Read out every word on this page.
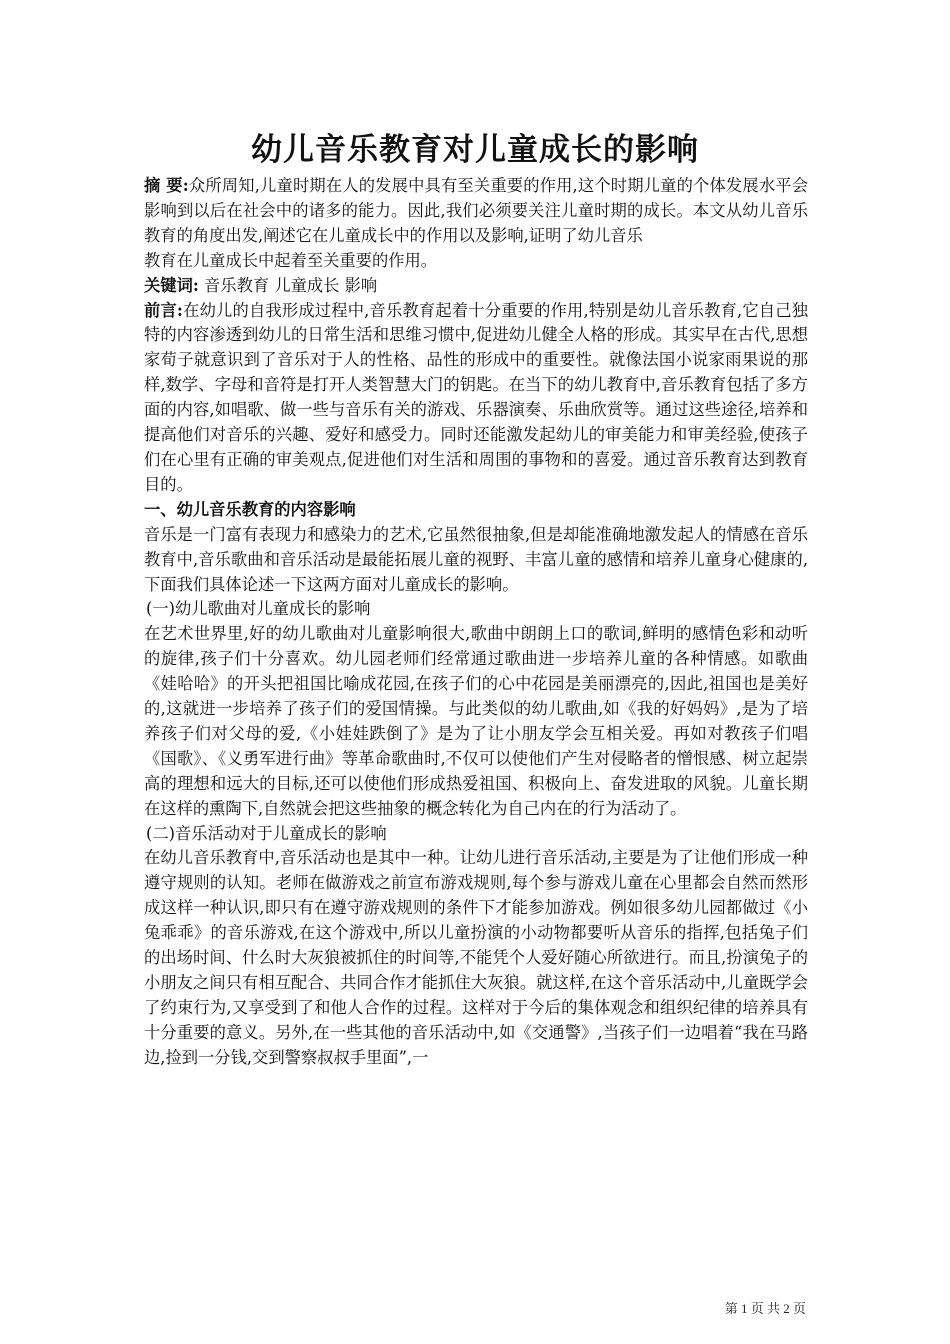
幼儿音乐教育对儿童成长的影响

摘 要:众所周知,儿童时期在人的发展中具有至关重要的作用,这个时期儿童的个体发展水平会影响到以后在社会中的诸多的能力。因此,我们必须要关注儿童时期的成长。本文从幼儿音乐教育的角度出发,阐述它在儿童成长中的作用以及影响,证明了幼儿音乐

教育在儿童成长中起着至关重要的作用。

关键词: 音乐教育 儿童成长 影响

前言:在幼儿的自我形成过程中,音乐教育起着十分重要的作用,特别是幼儿音乐教育,它自己独特的内容渗透到幼儿的日常生活和思维习惯中,促进幼儿健全人格的形成。其实早在古代,思想家荀子就意识到了音乐对于人的性格、品性的形成中的重要性。就像法国小说家雨果说的那样,数学、字母和音符是打开人类智慧大门的钥匙。在当下的幼儿教育中,音乐教育包括了多方面的内容,如唱歌、做一些与音乐有关的游戏、乐器演奏、乐曲欣赏等。通过这些途径,培养和提高他们对音乐的兴趣、爱好和感受力。同时还能激发起幼儿的审美能力和审美经验,使孩子们在心里有正确的审美观点,促进他们对生活和周围的事物和的喜爱。通过音乐教育达到教育目的。

一、幼儿音乐教育的内容影响

音乐是一门富有表现力和感染力的艺术,它虽然很抽象,但是却能准确地激发起人的情感在音乐教育中,音乐歌曲和音乐活动是最能拓展儿童的视野、丰富儿童的感情和培养儿童身心健康的,下面我们具体论述一下这两方面对儿童成长的影响。

(一)幼儿歌曲对儿童成长的影响

在艺术世界里,好的幼儿歌曲对儿童影响很大,歌曲中朗朗上口的歌词,鲜明的感情色彩和动听的旋律,孩子们十分喜欢。幼儿园老师们经常通过歌曲进一步培养儿童的各种情感。如歌曲《娃哈哈》的开头把祖国比喻成花园,在孩子们的心中花园是美丽漂亮的,因此,祖国也是美好的,这就进一步培养了孩子们的爱国情操。与此类似的幼儿歌曲,如《我的好妈妈》,是为了培养孩子们对父母的爱,《小娃娃跌倒了》是为了让小朋友学会互相关爱。再如对教孩子们唱《国歌》、《义勇军进行曲》等革命歌曲时,不仅可以使他们产生对侵略者的憎恨感、树立起崇高的理想和远大的目标,还可以使他们形成热爱祖国、积极向上、奋发进取的风貌。儿童长期在这样的熏陶下,自然就会把这些抽象的概念转化为自己内在的行为活动了。

(二)音乐活动对于儿童成长的影响

在幼儿音乐教育中,音乐活动也是其中一种。让幼儿进行音乐活动,主要是为了让他们形成一种遵守规则的认知。老师在做游戏之前宣布游戏规则,每个参与游戏儿童在心里都会自然而然形成这样一种认识,即只有在遵守游戏规则的条件下才能参加游戏。例如很多幼儿园都做过《小兔乖乖》的音乐游戏,在这个游戏中,所以儿童扮演的小动物都要听从音乐的指挥,包括兔子们的出场时间、什么时大灰狼被抓住的时间等,不能凭个人爱好随心所欲进行。而且,扮演兔子的小朋友之间只有相互配合、共同合作才能抓住大灰狼。就这样,在这个音乐活动中,儿童既学会了约束行为,又享受到了和他人合作的过程。这样对于今后的集体观念和组织纪律的培养具有十分重要的意义。另外,在一些其他的音乐活动中,如《交通警》,当孩子们一边唱着“我在马路边,捡到一分钱,交到警察叔叔手里面”,一

第 1 页 共 2 页
